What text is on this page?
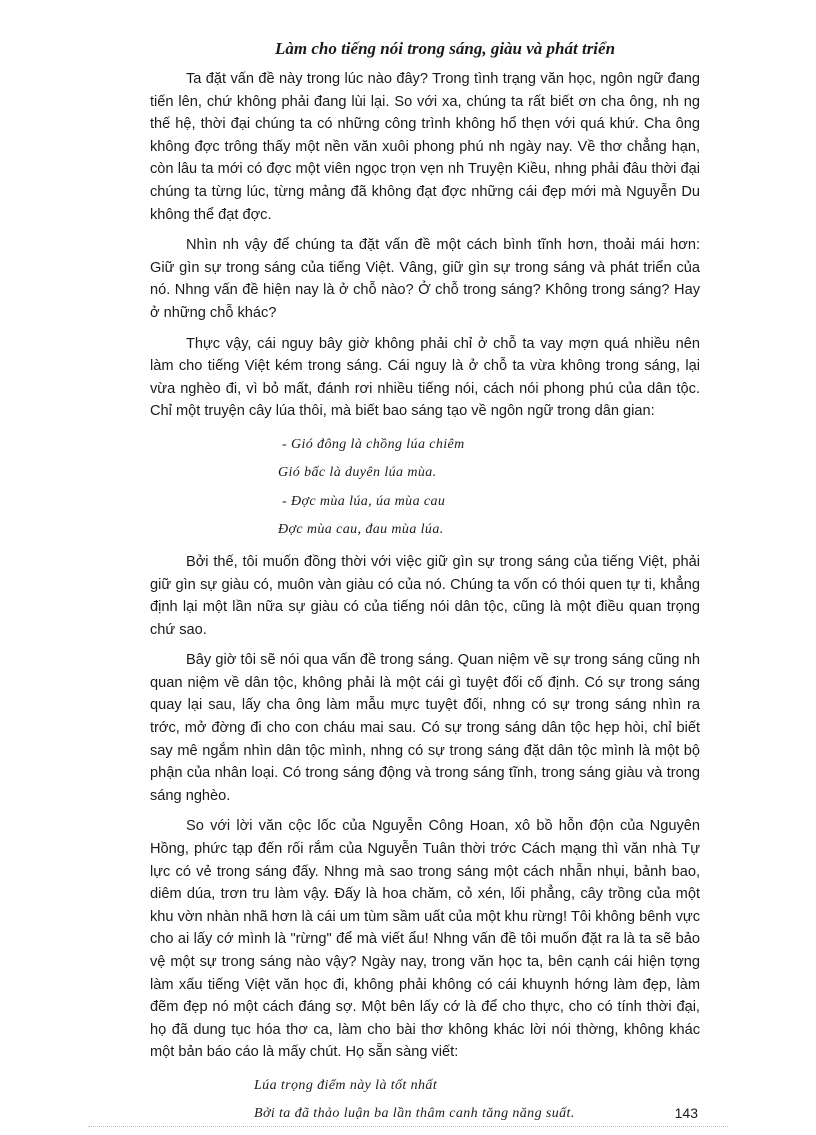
Làm cho tiếng nói trong sáng, giàu và phát triển

Ta đặt vấn đề này trong lúc nào đây? Trong tình trạng văn học, ngôn ngữ đang tiến lên, chứ không phải đang lùi lại. So với xa, chúng ta rất biết ơn cha ông, nh ng thế hệ, thời đại chúng ta có những công trình không hổ thẹn với quá khứ. Cha ông không đợc trông thấy một nền văn xuôi phong phú nh ngày nay. Về thơ chẳng hạn, còn lâu ta mới có đợc một viên ngọc trọn vẹn nh Truyện Kiều, nhng phải đâu thời đại chúng ta từng lúc, từng mảng đã không đạt đợc những cái đẹp mới mà Nguyễn Du không thể đạt đợc.

Nhìn nh vậy để chúng ta đặt vấn đề một cách bình tĩnh hơn, thoải mái hơn: Giữ gìn sự trong sáng của tiếng Việt. Vâng, giữ gìn sự trong sáng và phát triển của nó. Nhng vấn đề hiện nay là ở chỗ nào? Ở chỗ trong sáng? Không trong sáng? Hay ở những chỗ khác?

Thực vậy, cái nguy bây giờ không phải chỉ ở chỗ ta vay mợn quá nhiều nên làm cho tiếng Việt kém trong sáng. Cái nguy là ở chỗ ta vừa không trong sáng, lại vừa nghèo đi, vì bỏ mất, đánh rơi nhiều tiếng nói, cách nói phong phú của dân tộc. Chỉ một truyện cây lúa thôi, mà biết bao sáng tạo về ngôn ngữ trong dân gian:

- Gió đông là chồng lúa chiêm
Gió bấc là duyên lúa mùa.
- Đợc mùa lúa, úa mùa cau
Đợc mùa cau, đau mùa lúa.

Bởi thế, tôi muốn đồng thời với việc giữ gìn sự trong sáng của tiếng Việt, phải giữ gìn sự giàu có, muôn vàn giàu có của nó. Chúng ta vốn có thói quen tự ti, khẳng định lại một lần nữa sự giàu có của tiếng nói dân tộc, cũng là một điều quan trọng chứ sao.

Bây giờ tôi sẽ nói qua vấn đề trong sáng. Quan niệm về sự trong sáng cũng nh quan niệm về dân tộc, không phải là một cái gì tuyệt đối cố định. Có sự trong sáng quay lại sau, lấy cha ông làm mẫu mực tuyệt đối, nhng có sự trong sáng nhìn ra trớc, mở đờng đi cho con cháu mai sau. Có sự trong sáng dân tộc hẹp hòi, chỉ biết say mê ngắm nhìn dân tộc mình, nhng có sự trong sáng đặt dân tộc mình là một bộ phận của nhân loại. Có trong sáng động và trong sáng tĩnh, trong sáng giàu và trong sáng nghèo.

So với lời văn cộc lốc của Nguyễn Công Hoan, xô bồ hỗn độn của Nguyên Hồng, phức tạp đến rối rắm của Nguyễn Tuân thời trớc Cách mạng thì văn nhà Tự lực có vẻ trong sáng đấy. Nhng mà sao trong sáng một cách nhẫn nhụi, bảnh bao, diêm dúa, trơn tru làm vậy. Đấy là hoa chăm, cỏ xén, lối phẳng, cây trồng của một khu vờn nhàn nhã hơn là cái um tùm sầm uất của một khu rừng! Tôi không bênh vực cho ai lấy cớ mình là "rừng" để mà viết ẩu! Nhng vấn đề tôi muốn đặt ra là ta sẽ bảo vệ một sự trong sáng nào vậy? Ngày nay, trong văn học ta, bên cạnh cái hiện tợng làm xấu tiếng Việt văn học đi, không phải không có cái khuynh hớng làm đẹp, làm đẽm đẹp nó một cách đáng sợ. Một bên lấy cớ là để cho thực, cho có tính thời đại, họ đã dung tục hóa thơ ca, làm cho bài thơ không khác lời nói thờng, không khác một bản báo cáo là mấy chút. Họ sẵn sàng viết:

Lúa trọng điểm này là tốt nhất
Bởi ta đã thảo luận ba lần thâm canh tăng năng suất.	143
